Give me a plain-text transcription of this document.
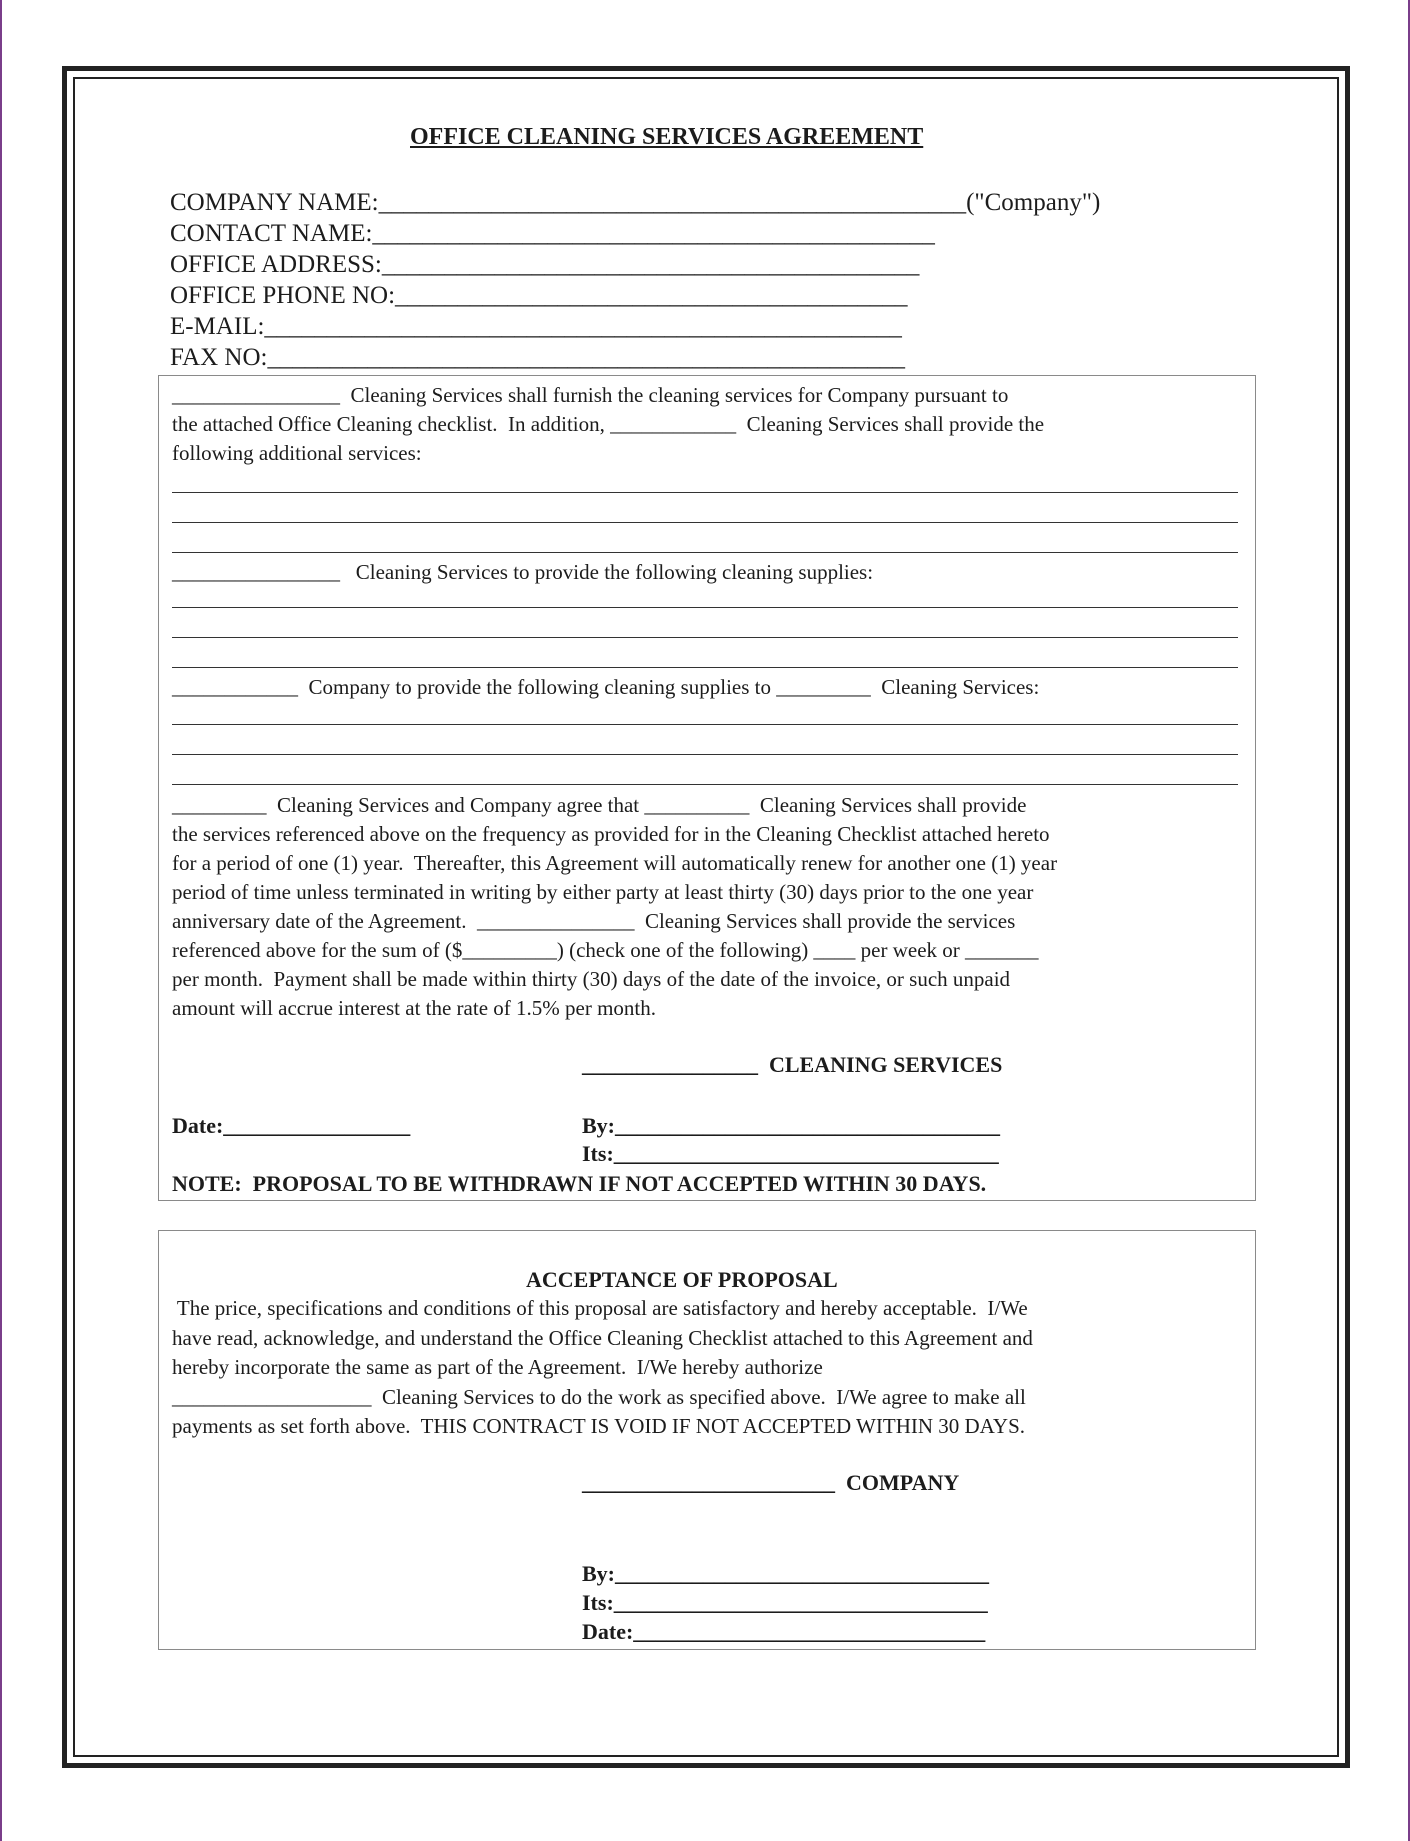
OFFICE CLEANING SERVICES AGREEMENT
COMPANY NAME:_______________________________________________("Company")
CONTACT NAME:_____________________________________________
OFFICE ADDRESS:___________________________________________
OFFICE PHONE NO:_________________________________________
E-MAIL:___________________________________________________
FAX NO:___________________________________________________
________________  Cleaning Services shall furnish the cleaning services for Company pursuant to
the attached Office Cleaning checklist.  In addition, ____________  Cleaning Services shall provide the
following additional services:
________________   Cleaning Services to provide the following cleaning supplies:
____________  Company to provide the following cleaning supplies to _________  Cleaning Services:
_________  Cleaning Services and Company agree that __________  Cleaning Services shall provide
the services referenced above on the frequency as provided for in the Cleaning Checklist attached hereto
for a period of one (1) year.  Thereafter, this Agreement will automatically renew for another one (1) year
period of time unless terminated in writing by either party at least thirty (30) days prior to the one year
anniversary date of the Agreement.  _______________  Cleaning Services shall provide the services
referenced above for the sum of ($_________) (check one of the following) ____ per week or _______
per month.  Payment shall be made within thirty (30) days of the date of the invoice, or such unpaid
amount will accrue interest at the rate of 1.5% per month.
________________  CLEANING SERVICES
Date:_________________	By:___________________________________
Its:___________________________________
NOTE:  PROPOSAL TO BE WITHDRAWN IF NOT ACCEPTED WITHIN 30 DAYS.
ACCEPTANCE OF PROPOSAL
The price, specifications and conditions of this proposal are satisfactory and hereby acceptable.  I/We
have read, acknowledge, and understand the Office Cleaning Checklist attached to this Agreement and
hereby incorporate the same as part of the Agreement.  I/We hereby authorize
___________________  Cleaning Services to do the work as specified above.  I/We agree to make all
payments as set forth above.  THIS CONTRACT IS VOID IF NOT ACCEPTED WITHIN 30 DAYS.
_______________________  COMPANY
By:__________________________________
Its:__________________________________
Date:________________________________
